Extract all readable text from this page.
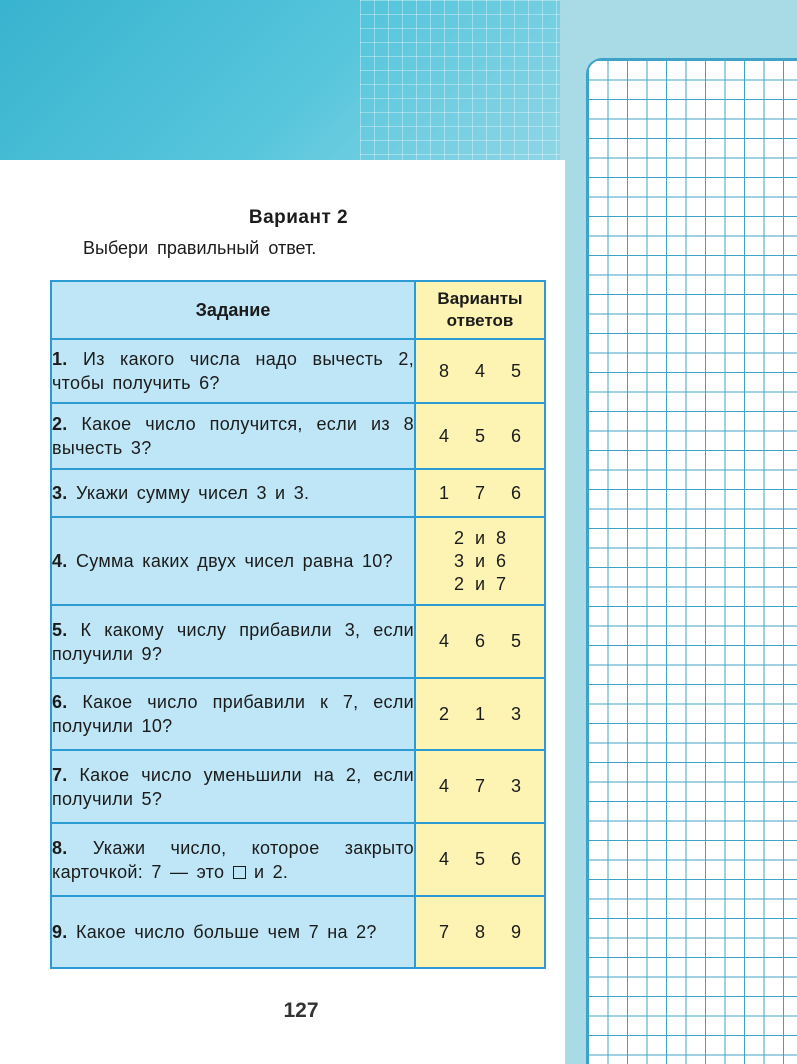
Вариант 2
Выбери правильный ответ.
Задание	Варианты
ответов

1. Из какого числа надо вычесть 2, чтобы получить 6?	8 4 5

2. Какое число получится, если из 8 вычесть 3?	4 5 6

3. Укажи сумму чисел 3 и 3.	1 7 6

4. Сумма каких двух чисел равна 10?	2 и 8
3 и 6
2 и 7

5. К какому числу прибавили 3, если получили 9?	4 6 5

6. Какое число прибавили к 7, если получили 10?	2 1 3

7. Какое число уменьшили на 2, если получили 5?	4 7 3

8. Укажи число, которое закрыто карточкой: 7 — это и 2.	4 5 6

9. Какое число больше чем 7 на 2?	7 8 9
127
